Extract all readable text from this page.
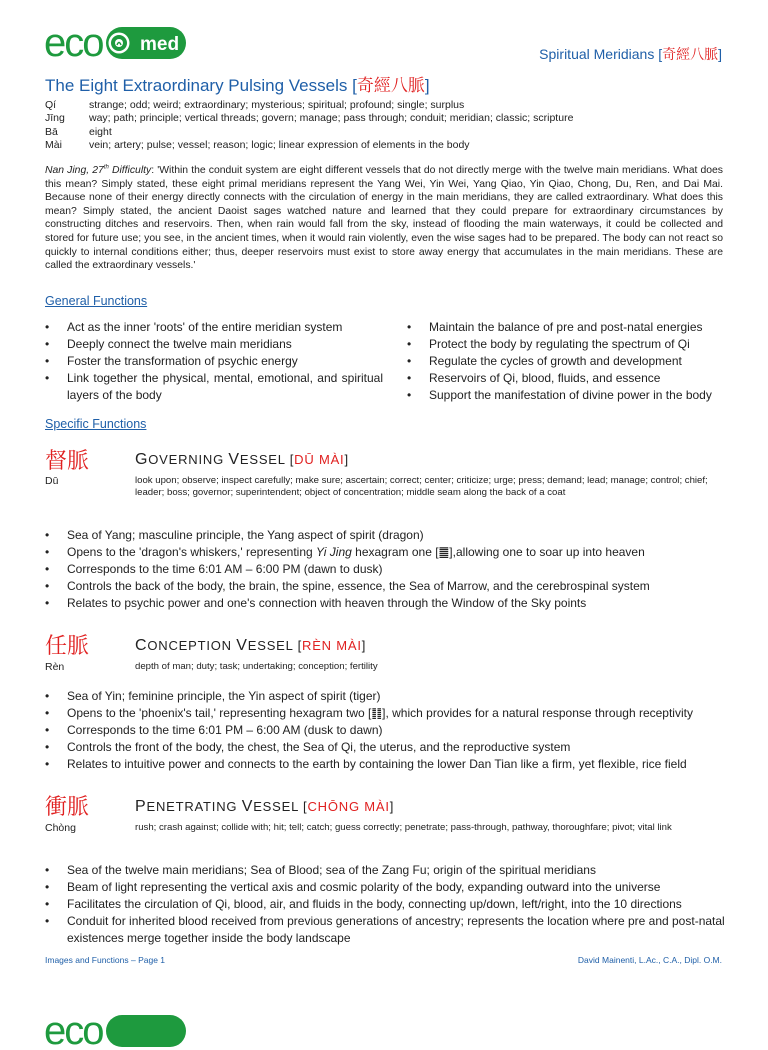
med
eco	Spiritual Meridians [奇經八脈]
The Eight Extraordinary Pulsing Vessels [奇經八脈]
Qí	strange; odd; weird; extraordinary; mysterious; spiritual; profound; single; surplus
Jīng	way; path; principle; vertical threads; govern; manage; pass through; conduit; meridian; classic; scripture
Bā	eight
Mài	vein; artery; pulse; vessel; reason; logic; linear expression of elements in the body

Nan Jing, 27th Difficulty: 'Within the conduit system are eight different vessels that do not directly merge with the twelve main meridians. What does this mean? Simply stated, these eight primal meridians represent the Yang Wei, Yin Wei, Yang Qiao, Yin Qiao, Chong, Du, Ren, and Dai Mai. Because none of their energy directly connects with the circulation of energy in the main meridians, they are called extraordinary. What does this mean? Simply stated, the ancient Daoist sages watched nature and learned that they could prepare for extraordinary circumstances by constructing ditches and reservoirs. Then, when rain would fall from the sky, instead of flooding the main waterways, it could be collected and stored for future use; you see, in the ancient times, when it would rain violently, even the wise sages had to be prepared. The body can not react so quickly to internal conditions either; thus, deeper reservoirs must exist to store away energy that accumulates in the main meridians. These are called the extraordinary vessels.'

General Functions
• Act as the inner 'roots' of the entire meridian system
• Deeply connect the twelve main meridians
• Foster the transformation of psychic energy
• Link together the physical, mental, emotional, and spiritual layers of the body
• Maintain the balance of pre and post-natal energies
• Protect the body by regulating the spectrum of Qi
• Regulate the cycles of growth and development
• Reservoirs of Qi, blood, fluids, and essence
• Support the manifestation of divine power in the body
Specific Functions
督脈	GOVERNING VESSEL [DŪ MÀI]
Dū	look upon; observe; inspect carefully; make sure; ascertain; correct; center; criticize; urge; press; demand; lead; manage; control; chief; leader; boss; governor; superintendent; object of concentration; middle seam along the back of a coat
• Sea of Yang; masculine principle, the Yang aspect of spirit (dragon)
• Opens to the 'dragon's whiskers,' representing Yi Jing hexagram one [䷀],allowing one to soar up into heaven
• Corresponds to the time 6:01 AM – 6:00 PM (dawn to dusk)
• Controls the back of the body, the brain, the spine, essence, the Sea of Marrow, and the cerebrospinal system
• Relates to psychic power and one's connection with heaven through the Window of the Sky points
任脈	CONCEPTION VESSEL [RÈN MÀI]
Rèn	depth of man; duty; task; undertaking; conception; fertility
• Sea of Yin; feminine principle, the Yin aspect of spirit (tiger)
• Opens to the 'phoenix's tail,' representing hexagram two [䷁], which provides for a natural response through receptivity
• Corresponds to the time 6:01 PM – 6:00 AM (dusk to dawn)
• Controls the front of the body, the chest, the Sea of Qi, the uterus, and the reproductive system
• Relates to intuitive power and connects to the earth by containing the lower Dan Tian like a firm, yet flexible, rice field
衝脈	PENETRATING VESSEL [CHŌNG MÀI]
Chòng	rush; crash against; collide with; hit; tell; catch; guess correctly; penetrate; pass-through, pathway, thoroughfare; pivot; vital link
• Sea of the twelve main meridians; Sea of Blood; sea of the Zang Fu; origin of the spiritual meridians
• Beam of light representing the vertical axis and cosmic polarity of the body, expanding outward into the universe
• Facilitates the circulation of Qi, blood, air, and fluids in the body, connecting up/down, left/right, into the 10 directions
• Conduit for inherited blood received from previous generations of ancestry; represents the location where pre and post-natal existences merge together inside the body landscape
Images and Functions – Page 1	David Mainenti, L.Ac., C.A., Dipl. O.M.
eco
